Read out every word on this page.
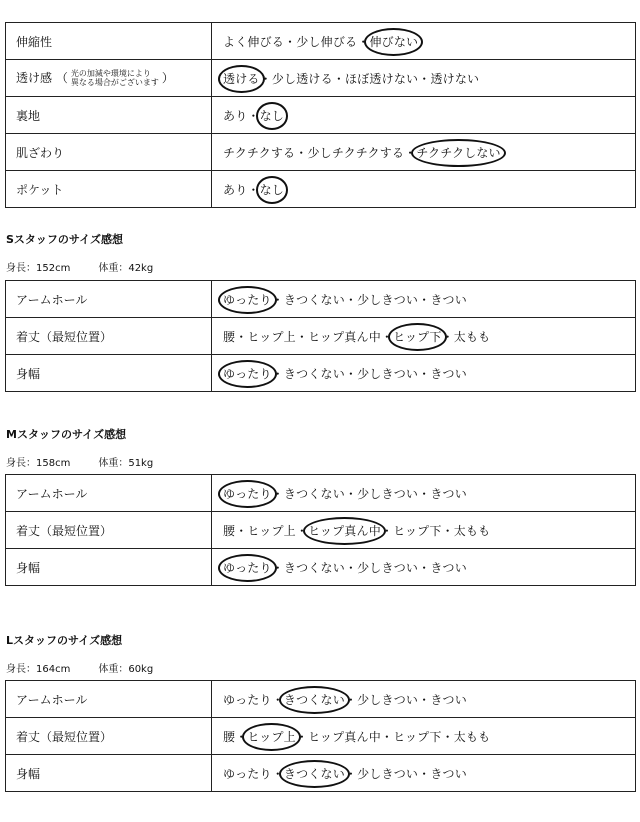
伸縮性	よく伸びる・少し伸びる・伸びない
透け感 （ 光の加減や環境により
異なる場合がございます ）	透ける・少し透ける・ほぼ透けない・透けない
裏地	あり・なし
肌ざわり	チクチクする・少しチクチクする・チクチクしない
ポケット	あり・なし
Sスタッフのサイズ感想
身長：152cm	体重：42kg
アームホール	ゆったり・きつくない・少しきつい・きつい
着丈（最短位置）	腰・ヒップ上・ヒップ真ん中・ヒップ下・太もも
身幅	ゆったり・きつくない・少しきつい・きつい
Mスタッフのサイズ感想
身長：158cm	体重：51kg
アームホール	ゆったり・きつくない・少しきつい・きつい
着丈（最短位置）	腰・ヒップ上・ヒップ真ん中・ヒップ下・太もも
身幅	ゆったり・きつくない・少しきつい・きつい
Lスタッフのサイズ感想
身長：164cm	体重：60kg
アームホール	ゆったり・きつくない・少しきつい・きつい
着丈（最短位置）	腰・ヒップ上・ヒップ真ん中・ヒップ下・太もも
身幅	ゆったり・きつくない・少しきつい・きつい
